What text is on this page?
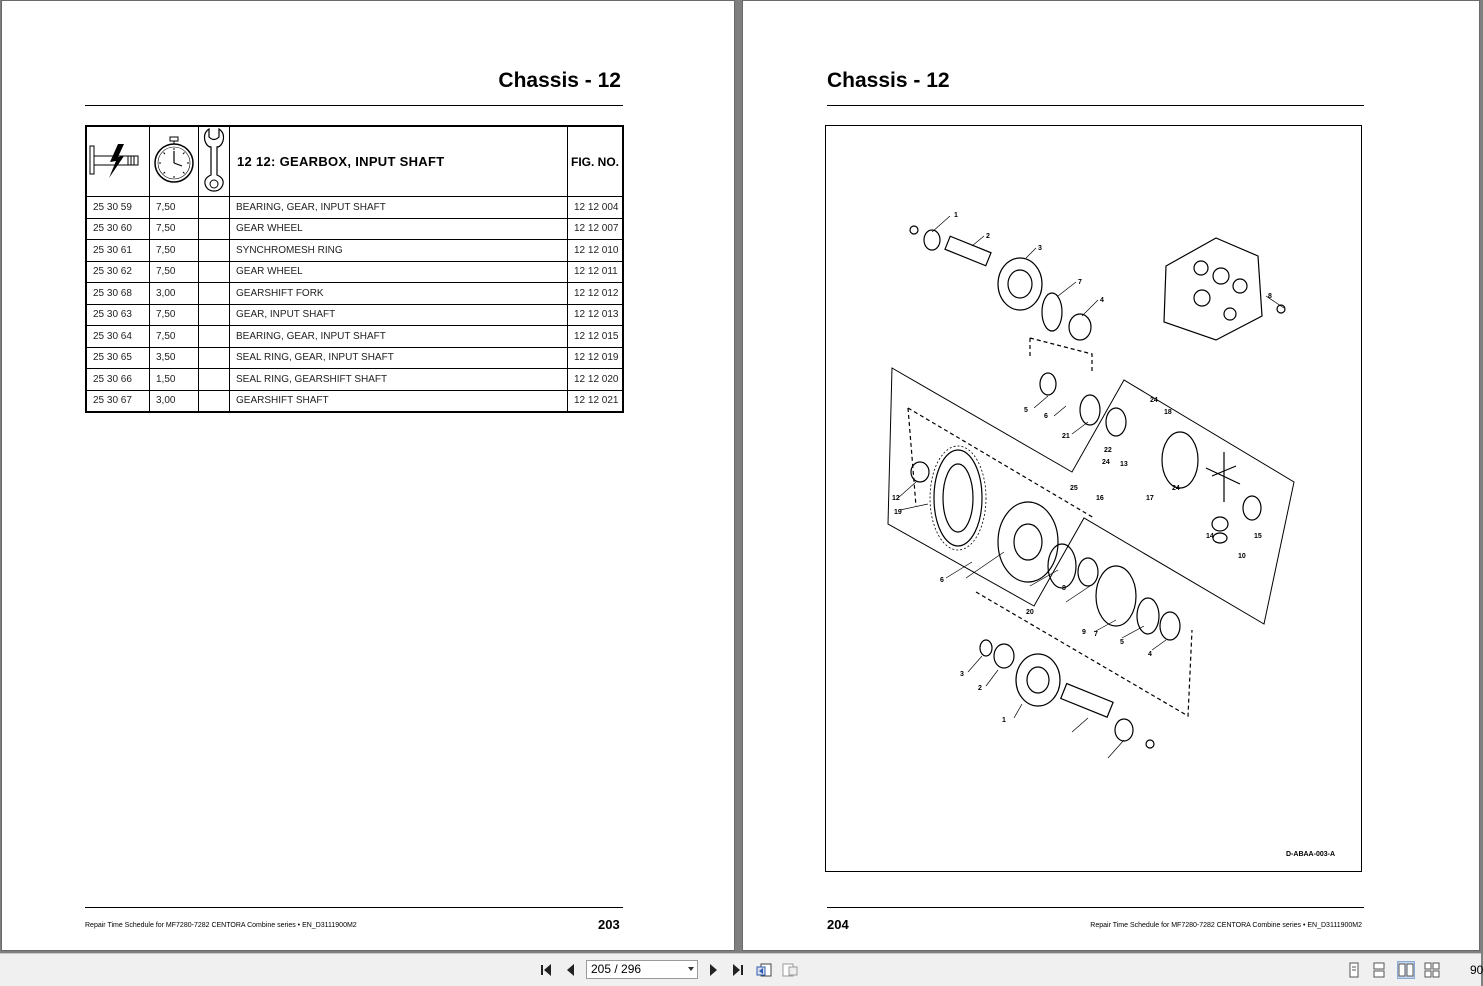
Chassis - 12
			12 12: GEARBOX, INPUT SHAFT	FIG. NO.
25 30 59	7,50		BEARING, GEAR, INPUT SHAFT	12 12 004
25 30 60	7,50		GEAR WHEEL	12 12 007
25 30 61	7,50		SYNCHROMESH RING	12 12 010
25 30 62	7,50		GEAR WHEEL	12 12 011
25 30 68	3,00		GEARSHIFT FORK	12 12 012
25 30 63	7,50		GEAR, INPUT SHAFT	12 12 013
25 30 64	7,50		BEARING, GEAR, INPUT SHAFT	12 12 015
25 30 65	3,50		SEAL RING, GEAR, INPUT SHAFT	12 12 019
25 30 66	1,50		SEAL RING, GEARSHIFT SHAFT	12 12 020
25 30 67	3,00		GEARSHIFT SHAFT	12 12 021
Repair Time Schedule for MF7280-7282 CENTORA Combine series • EN_D3111900M2	203
Chassis - 12
204	Repair Time Schedule for MF7280-7282 CENTORA Combine series • EN_D3111900M2
1
2
3
7
4
8
5
6
21
24
18
22
24 13
12
19
17
24
25
16
14	15
10
20
6
8
7
9
5
4
3
2
1
D-ABAA-003-A
205 / 296	90
